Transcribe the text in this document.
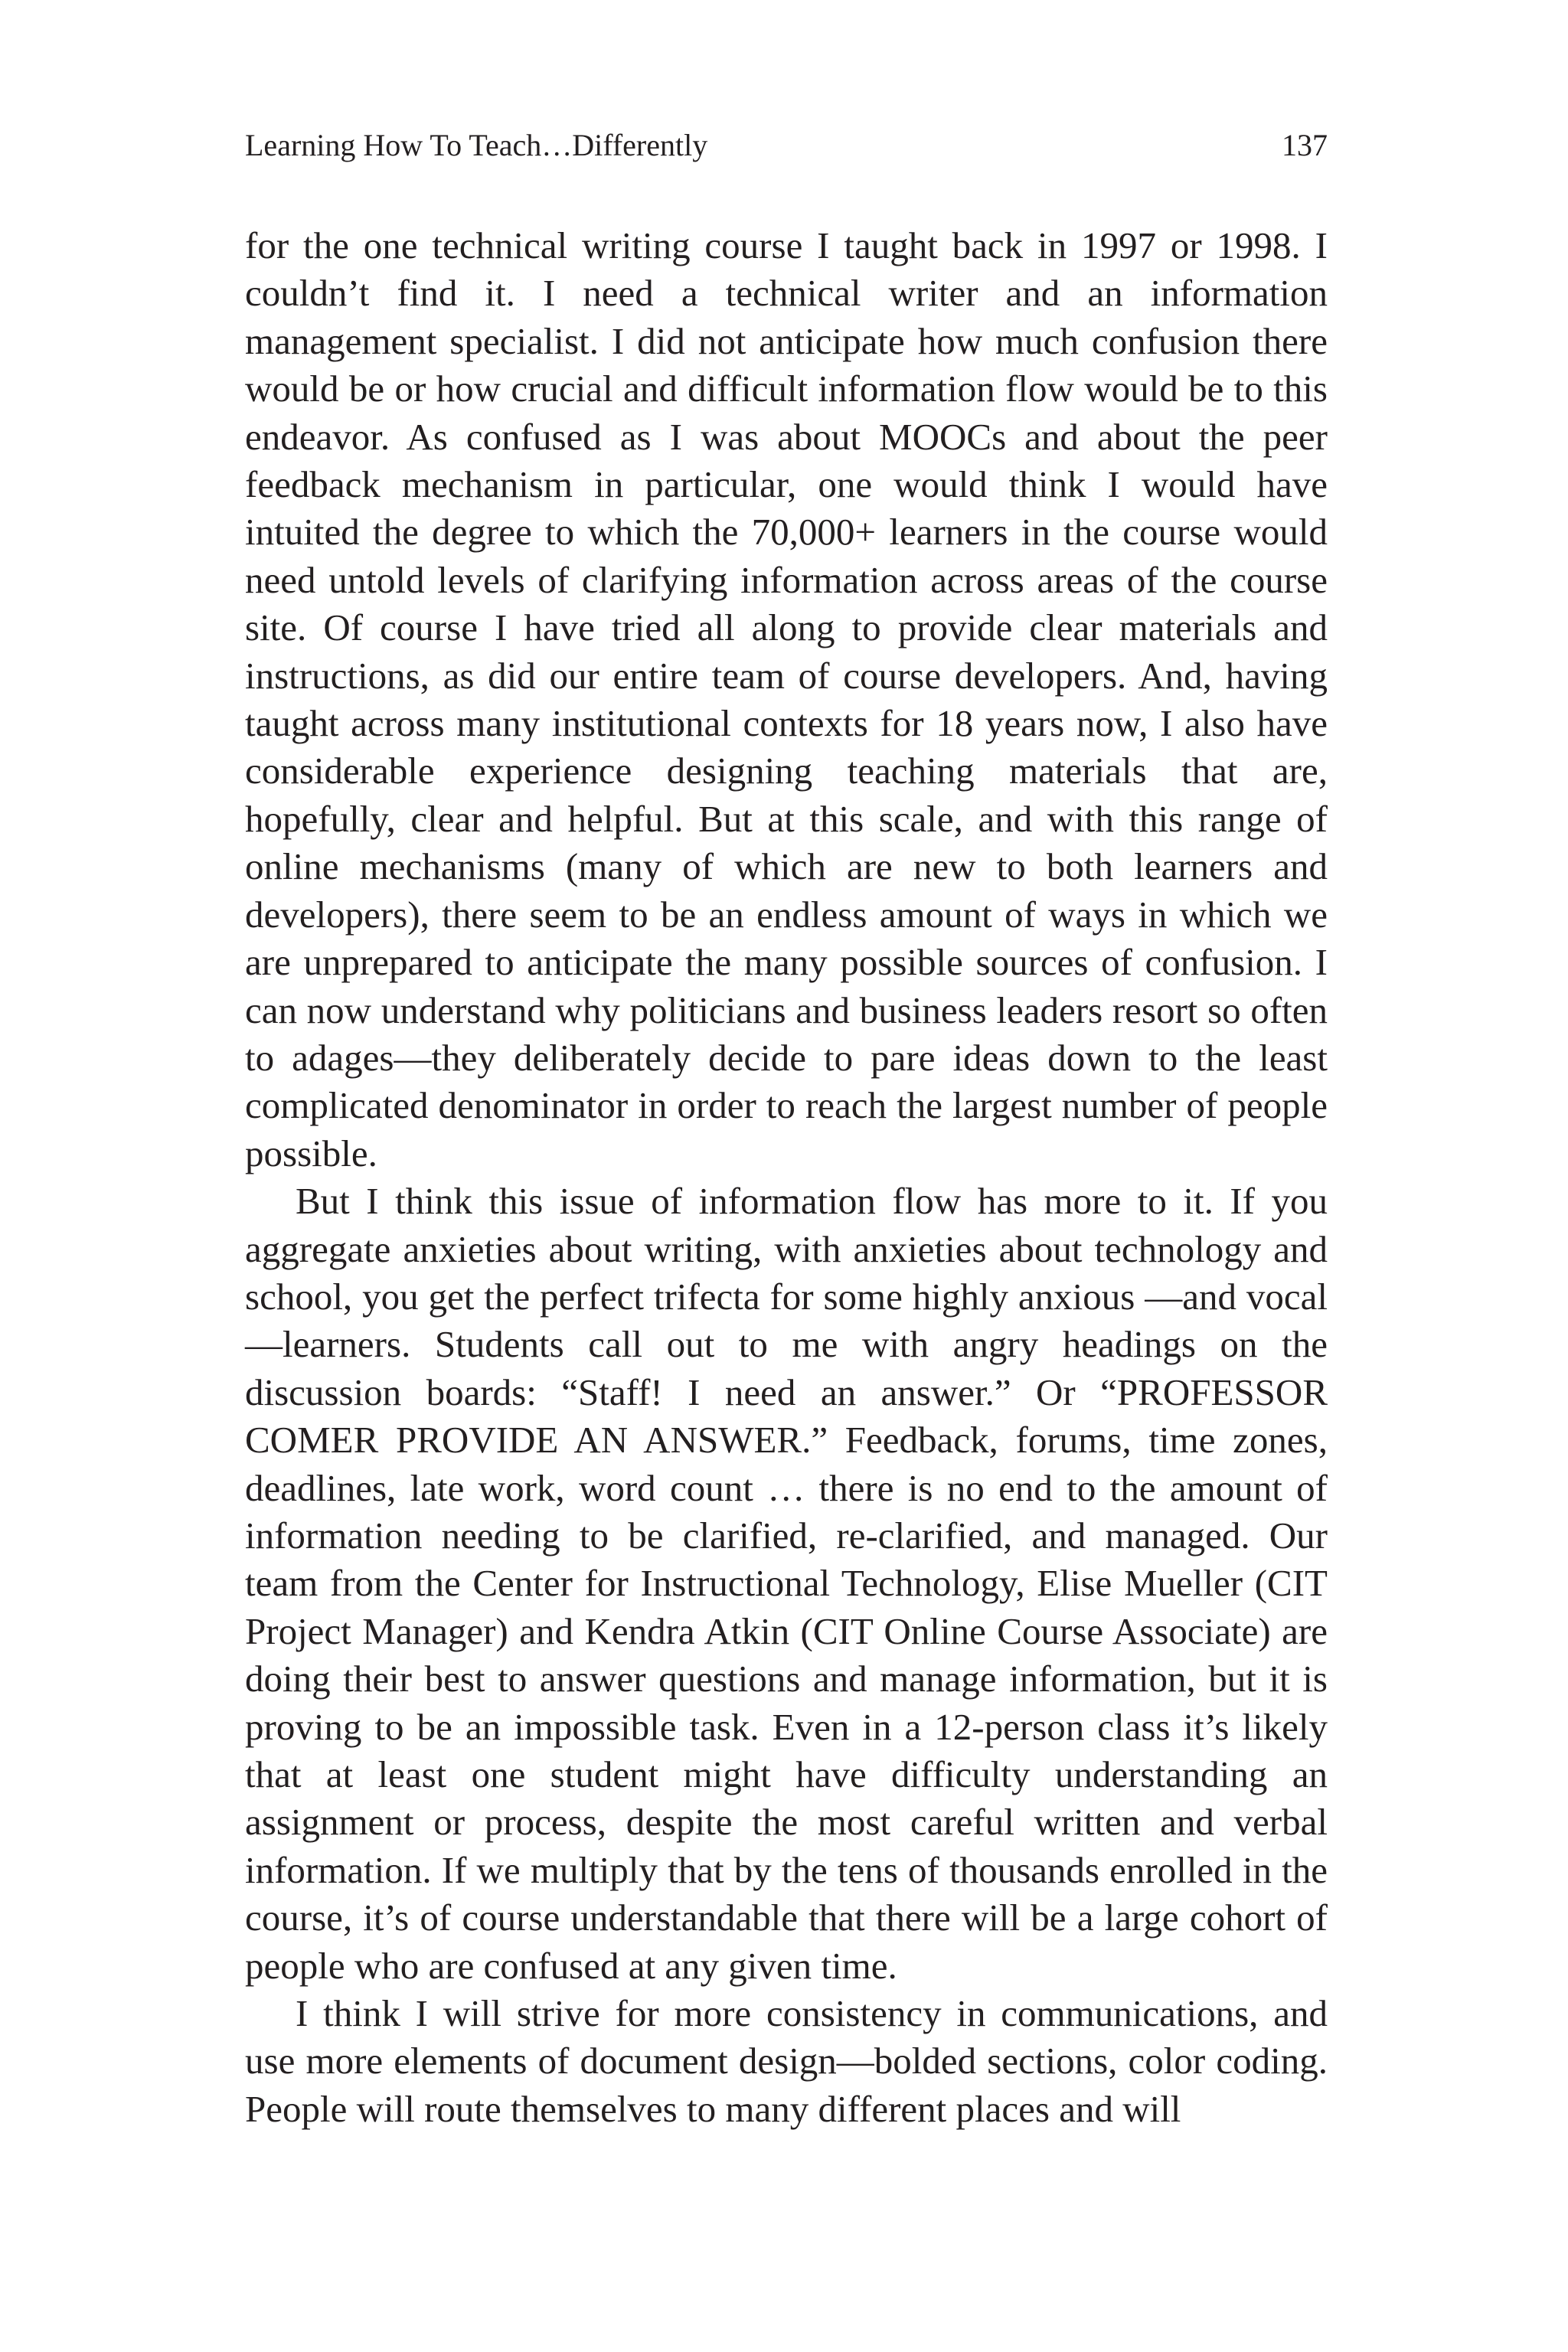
Learning How To Teach…Differently	137

for the one technical writing course I taught back in 1997 or 1998. I couldn’t find it. I need a technical writer and an information management specialist. I did not anticipate how much confusion there would be or how crucial and difficult information flow would be to this endeavor. As confused as I was about MOOCs and about the peer feedback mechanism in particular, one would think I would have intuited the degree to which the 70,000+ learners in the course would need untold levels of clarifying information across areas of the course site. Of course I have tried all along to provide clear materials and instructions, as did our entire team of course developers. And, having taught across many institutional contexts for 18 years now, I also have considerable experience designing teaching materials that are, hopefully, clear and helpful. But at this scale, and with this range of online mechanisms (many of which are new to both learners and developers), there seem to be an endless amount of ways in which we are unprepared to anticipate the many possible sources of confusion. I can now understand why politicians and business leaders resort so often to adages—they deliberately decide to pare ideas down to the least complicated denominator in order to reach the largest number of people possible.

But I think this issue of information flow has more to it. If you aggregate anxieties about writing, with anxieties about technology and school, you get the perfect trifecta for some highly anxious —and vocal —learners. Students call out to me with angry headings on the discussion boards: “Staff! I need an answer.” Or “PROFESSOR COMER PROVIDE AN ANSWER.” Feedback, forums, time zones, deadlines, late work, word count … there is no end to the amount of information needing to be clarified, re-clarified, and managed. Our team from the Center for Instructional Technology, Elise Mueller (CIT Project Manager) and Kendra Atkin (CIT Online Course Associate) are doing their best to answer questions and manage information, but it is proving to be an impossible task. Even in a 12-person class it’s likely that at least one student might have difficulty understanding an assignment or process, despite the most careful written and verbal information. If we multiply that by the tens of thousands enrolled in the course, it’s of course understandable that there will be a large cohort of people who are confused at any given time.

I think I will strive for more consistency in communications, and use more elements of document design—bolded sections, color coding. People will route themselves to many different places and will
